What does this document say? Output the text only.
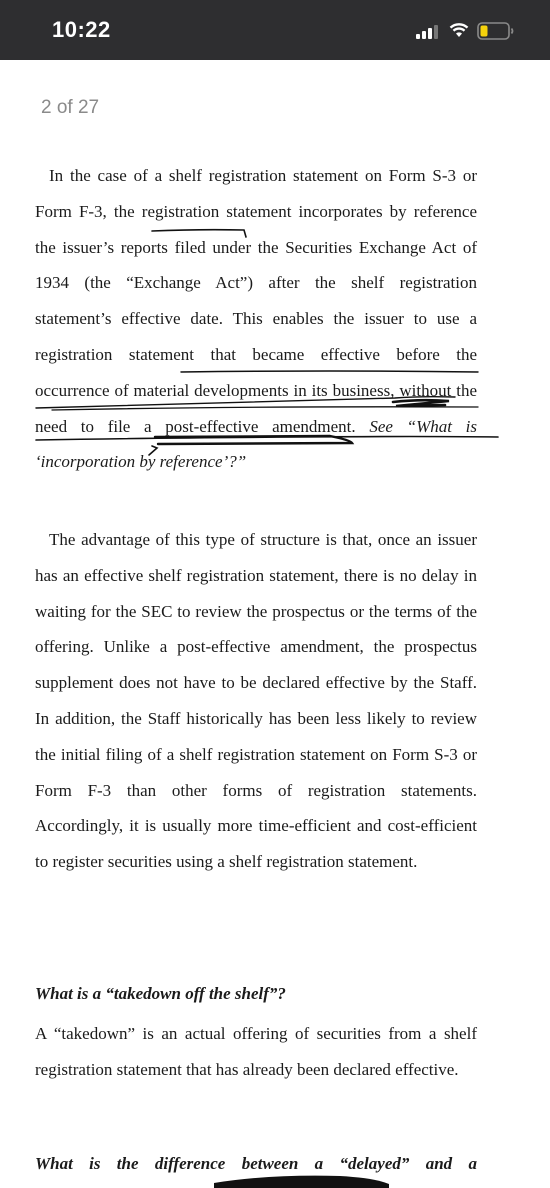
10:22
2 of 27

In the case of a shelf registration statement on Form S-3 or Form F-3, the registration statement incorporates by reference the issuer’s reports filed under the Securities Exchange Act of 1934 (the “Exchange Act”) after the shelf registration statement’s effective date. This enables the issuer to use a registration statement that became effective before the occurrence of material developments in its business, without the need to file a post-effective amendment. See “What is ‘incorporation by reference’?”

The advantage of this type of structure is that, once an issuer has an effective shelf registration statement, there is no delay in waiting for the SEC to review the prospectus or the terms of the offering. Unlike a post-effective amendment, the prospectus supplement does not have to be declared effective by the Staff. In addition, the Staff historically has been less likely to review the initial filing of a shelf registration statement on Form S-3 or Form F-3 than other forms of registration statements. Accordingly, it is usually more time-efficient and cost-efficient to register securities using a shelf registration statement.

What is a “takedown off the shelf”?

A “takedown” is an actual offering of securities from a shelf registration statement that has already been declared effective.

What is the difference between a “delayed” and a
